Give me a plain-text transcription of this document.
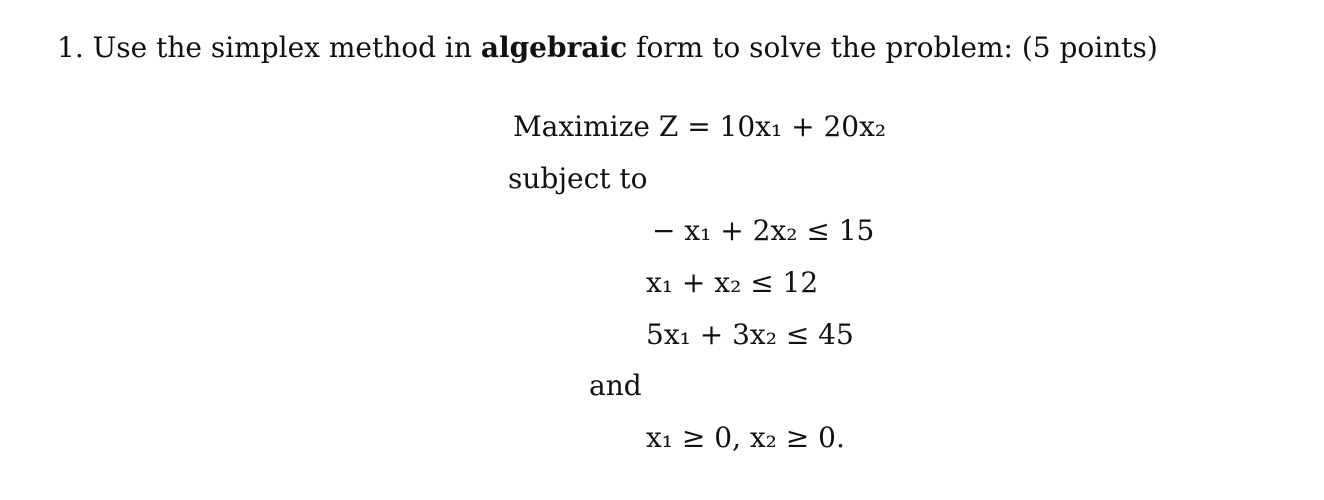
1. Use the simplex method in algebraic form to solve the problem: (5 points)
Maximize Z = 10x₁ + 20x₂
subject to
− x₁ + 2x₂ ≤ 15
x₁ + x₂ ≤ 12
5x₁ + 3x₂ ≤ 45
and
x₁ ≥ 0, x₂ ≥ 0.
